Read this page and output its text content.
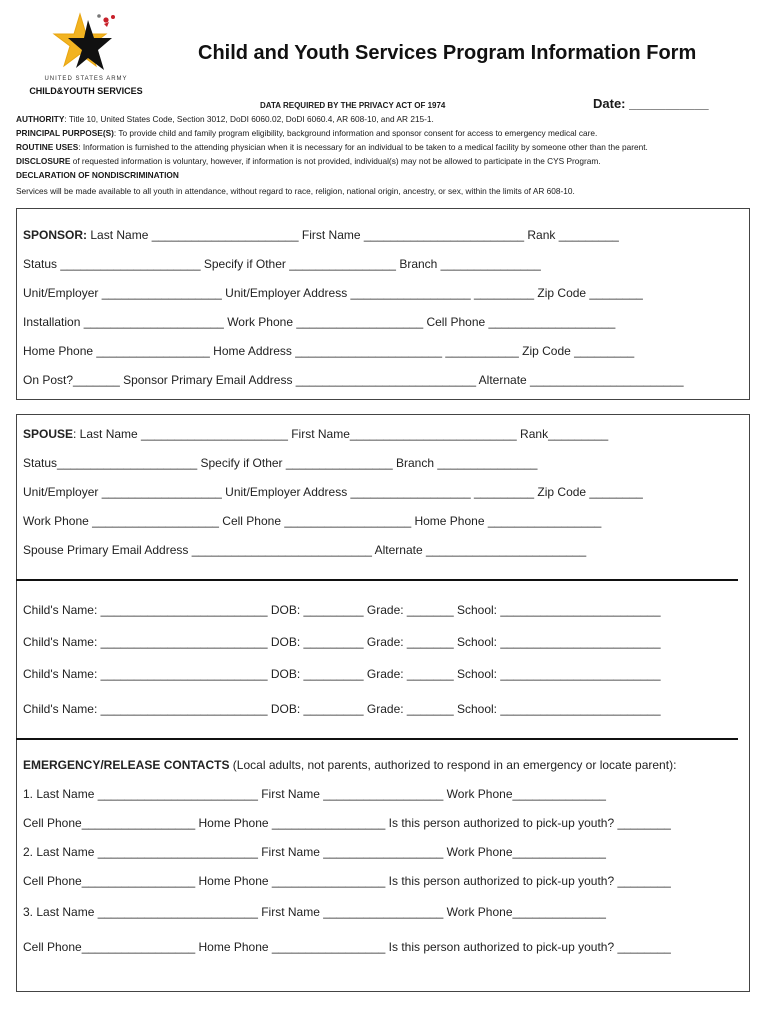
UNITED STATES ARMY
CHILD&YOUTH SERVICES
Child and Youth Services Program Information Form
Date: ___________
DATA REQUIRED BY THE PRIVACY ACT OF 1974
AUTHORITY: Title 10, United States Code, Section 3012, DoDI 6060.02, DoDI 6060.4, AR 608-10, and AR 215-1.
PRINCIPAL PURPOSE(S): To provide child and family program eligibility, background information and sponsor consent for access to emergency medical care.
ROUTINE USES: Information is furnished to the attending physician when it is necessary for an individual to be taken to a medical facility by someone other than the parent.
DISCLOSURE of requested information is voluntary, however, if information is not provided, individual(s) may not be allowed to participate in the CYS Program.
DECLARATION OF NONDISCRIMINATION
Services will be made available to all youth in attendance, without regard to race, religion, national origin, ancestry, or sex, within the limits of AR 608-10.
SPONSOR: Last Name ______________________ First Name ________________________ Rank _________
Status _____________________ Specify if Other ________________ Branch _______________
Unit/Employer __________________ Unit/Employer Address __________________ _________ Zip Code ________
Installation _____________________ Work Phone ___________________ Cell Phone ___________________
Home Phone _________________ Home Address ______________________ ___________ Zip Code _________
On Post?_______ Sponsor Primary Email Address ___________________________ Alternate _______________________
SPOUSE: Last Name ______________________ First Name_________________________ Rank_________
Status_____________________ Specify if Other ________________ Branch _______________
Unit/Employer __________________ Unit/Employer Address __________________ _________ Zip Code ________
Work Phone ___________________ Cell Phone ___________________ Home Phone _________________
Spouse Primary Email Address ___________________________ Alternate ________________________
Child's Name: _________________________ DOB: _________ Grade: _______ School: ________________________
Child's Name: _________________________ DOB: _________ Grade: _______ School: ________________________
Child's Name: _________________________ DOB: _________ Grade: _______ School: ________________________
Child's Name: _________________________ DOB: _________ Grade: _______ School: ________________________
EMERGENCY/RELEASE CONTACTS (Local adults, not parents, authorized to respond in an emergency or locate parent):
1. Last Name ________________________ First Name __________________ Work Phone______________
Cell Phone_________________ Home Phone _________________ Is this person authorized to pick-up youth? ________
2. Last Name ________________________ First Name __________________ Work Phone______________
Cell Phone_________________ Home Phone _________________ Is this person authorized to pick-up youth? ________
3. Last Name ________________________ First Name __________________ Work Phone______________
Cell Phone_________________ Home Phone _________________ Is this person authorized to pick-up youth? ________
